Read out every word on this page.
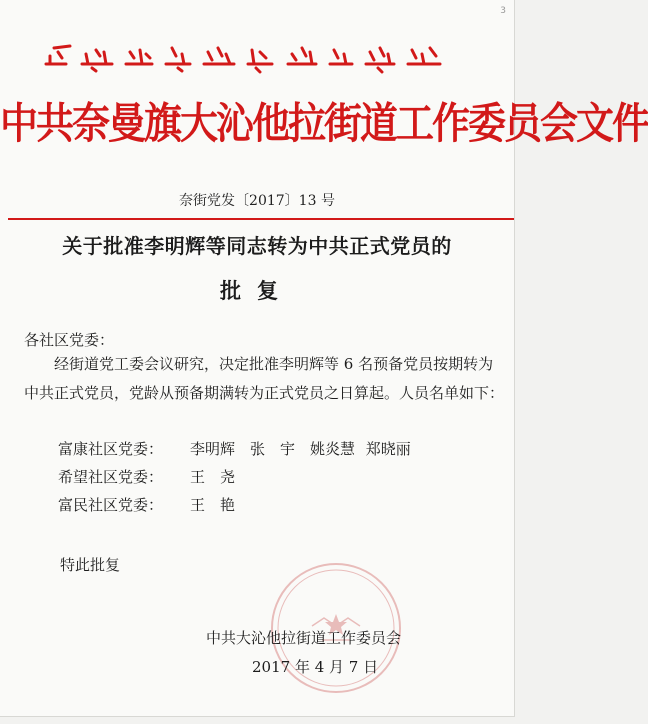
中共奈曼旗大沁他拉街道工作委员会文件
奈街党发〔2017〕13 号
关于批准李明辉等同志转为中共正式党员的
批复
各社区党委：

经街道党工委会议研究，决定批准李明辉等 6 名预备党员按期转为中共正式党员，党龄从预备期满转为正式党员之日算起。人员名单如下：

富康社区党委： 李明辉　张　宇　姚炎慧 郑晓丽
希望社区党委： 王　尧
富民社区党委： 王　艳
特此批复
中共大沁他拉街道工作委员会
2017 年 4 月 7 日
3
